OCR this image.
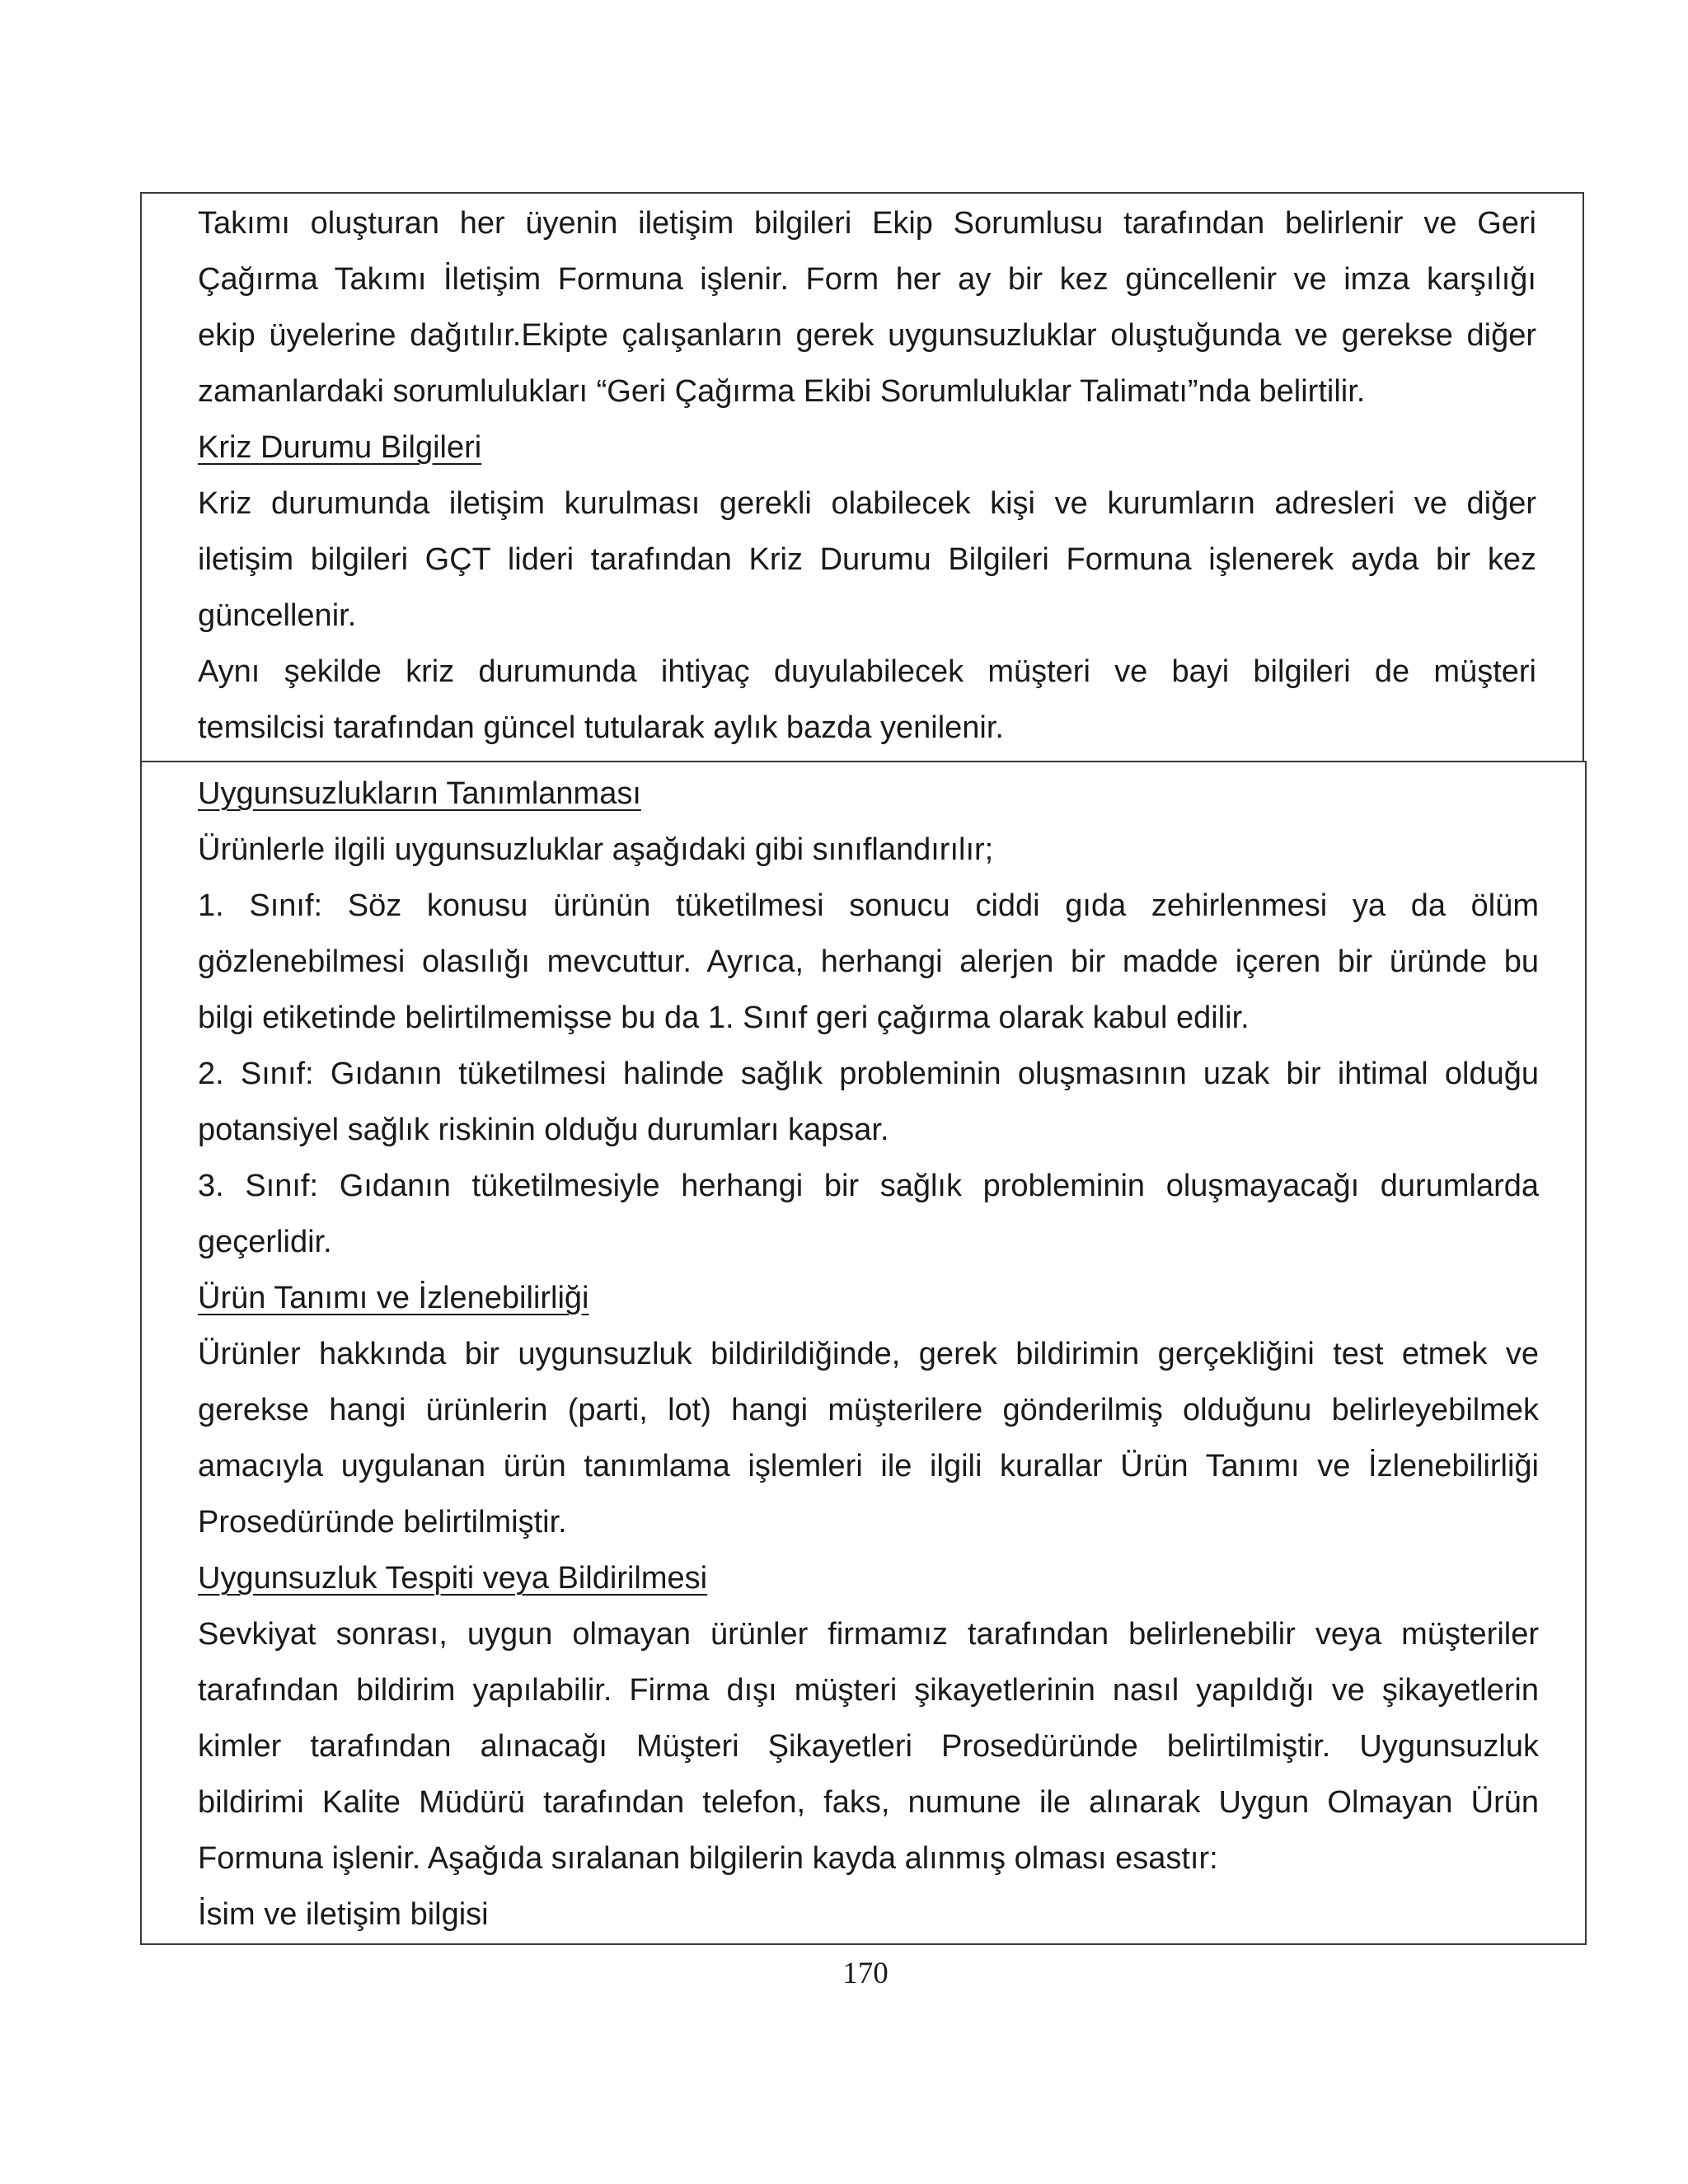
Takımı oluşturan her üyenin iletişim bilgileri Ekip Sorumlusu tarafından belirlenir ve Geri
Çağırma Takımı İletişim Formuna işlenir. Form her ay bir kez güncellenir ve imza karşılığı
ekip üyelerine dağıtılır.Ekipte çalışanların gerek uygunsuzluklar oluştuğunda ve gerekse diğer
zamanlardaki sorumlulukları “Geri Çağırma Ekibi Sorumluluklar Talimatı”nda belirtilir.
Kriz Durumu Bilgileri
Kriz durumunda iletişim kurulması gerekli olabilecek kişi ve kurumların adresleri ve diğer
iletişim bilgileri GÇT lideri tarafından Kriz Durumu Bilgileri Formuna işlenerek ayda bir kez
güncellenir.
Aynı şekilde kriz durumunda ihtiyaç duyulabilecek müşteri ve bayi bilgileri de müşteri
temsilcisi tarafından güncel tutularak aylık bazda yenilenir.
Uygunsuzlukların Tanımlanması
Ürünlerle ilgili uygunsuzluklar aşağıdaki gibi sınıflandırılır;
1. Sınıf: Söz konusu ürünün tüketilmesi sonucu ciddi gıda zehirlenmesi ya da ölüm
gözlenebilmesi olasılığı mevcuttur. Ayrıca, herhangi alerjen bir madde içeren bir üründe bu
bilgi etiketinde belirtilmemişse bu da 1. Sınıf geri çağırma olarak kabul edilir.
2. Sınıf: Gıdanın tüketilmesi halinde sağlık probleminin oluşmasının uzak bir ihtimal olduğu
potansiyel sağlık riskinin olduğu durumları kapsar.
3. Sınıf: Gıdanın tüketilmesiyle herhangi bir sağlık probleminin oluşmayacağı durumlarda
geçerlidir.
Ürün Tanımı ve İzlenebilirliği
Ürünler hakkında bir uygunsuzluk bildirildiğinde, gerek bildirimin gerçekliğini test etmek ve
gerekse hangi ürünlerin (parti, lot) hangi müşterilere gönderilmiş olduğunu belirleyebilmek
amacıyla uygulanan ürün tanımlama işlemleri ile ilgili kurallar Ürün Tanımı ve İzlenebilirliği
Prosedüründe belirtilmiştir.
Uygunsuzluk Tespiti veya Bildirilmesi
Sevkiyat sonrası, uygun olmayan ürünler firmamız tarafından belirlenebilir veya müşteriler
tarafından bildirim yapılabilir. Firma dışı müşteri şikayetlerinin nasıl yapıldığı ve şikayetlerin
kimler tarafından alınacağı Müşteri Şikayetleri Prosedüründe belirtilmiştir. Uygunsuzluk
bildirimi Kalite Müdürü tarafından telefon, faks, numune ile alınarak Uygun Olmayan Ürün
Formuna işlenir. Aşağıda sıralanan bilgilerin kayda alınmış olması esastır:
İsim ve iletişim bilgisi
170
